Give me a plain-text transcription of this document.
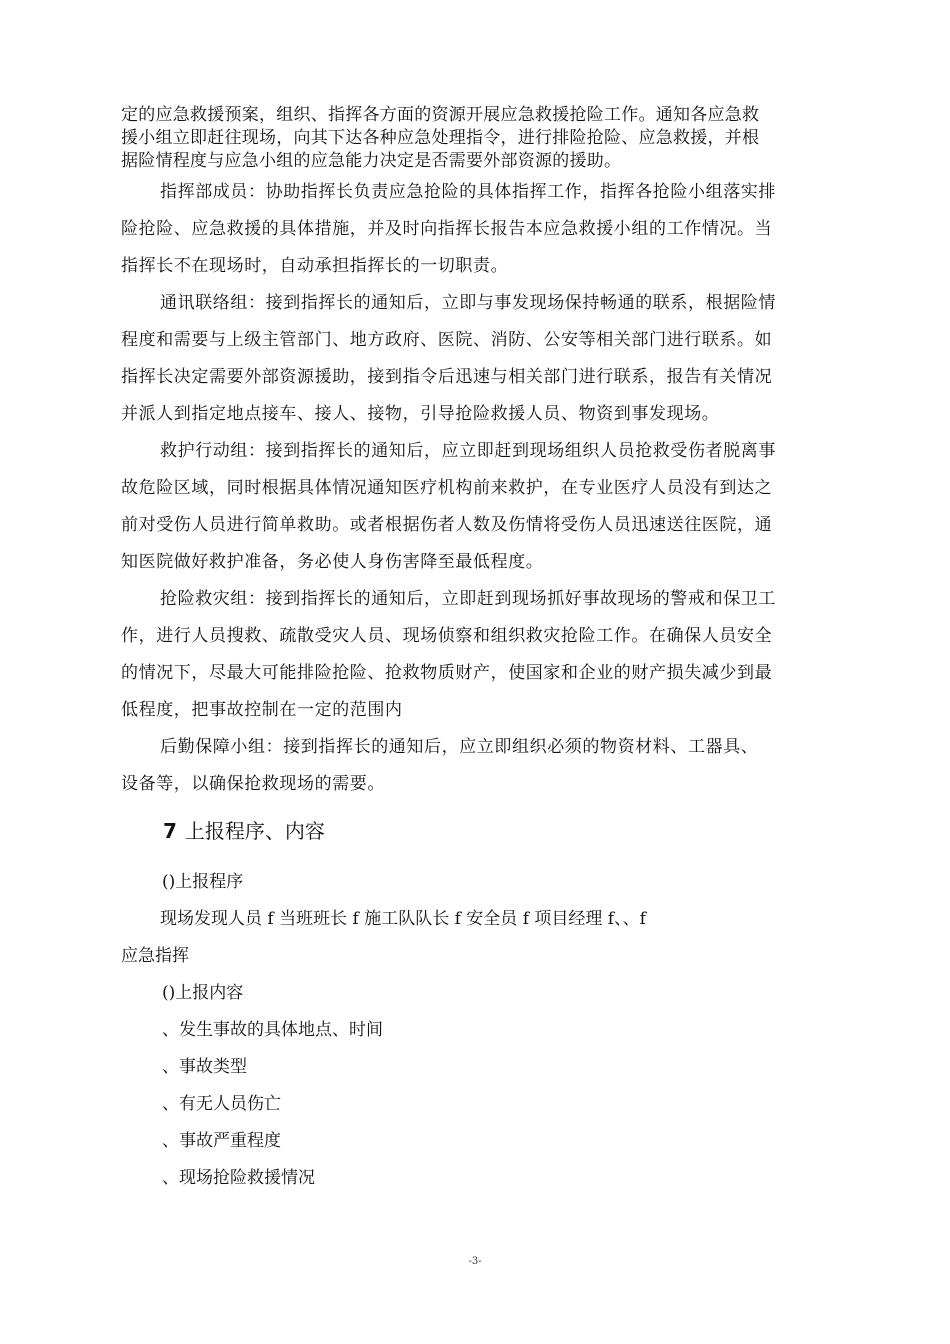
定的应急救援预案，组织、指挥各方面的资源开展应急救援抢险工作。通知各应急救
援小组立即赶往现场，向其下达各种应急处理指令，进行排险抢险、应急救援，并根
据险情程度与应急小组的应急能力决定是否需要外部资源的援助。
指挥部成员：协助指挥长负责应急抢险的具体指挥工作，指挥各抢险小组落实排
险抢险、应急救援的具体措施，并及时向指挥长报告本应急救援小组的工作情况。当
指挥长不在现场时，自动承担指挥长的一切职责。
通讯联络组：接到指挥长的通知后，立即与事发现场保持畅通的联系，根据险情
程度和需要与上级主管部门、地方政府、医院、消防、公安等相关部门进行联系。如
指挥长决定需要外部资源援助，接到指令后迅速与相关部门进行联系，报告有关情况
并派人到指定地点接车、接人、接物，引导抢险救援人员、物资到事发现场。
救护行动组：接到指挥长的通知后，应立即赶到现场组织人员抢救受伤者脱离事
故危险区域，同时根据具体情况通知医疗机构前来救护，在专业医疗人员没有到达之
前对受伤人员进行简单救助。或者根据伤者人数及伤情将受伤人员迅速送往医院，通
知医院做好救护准备，务必使人身伤害降至最低程度。
抢险救灾组：接到指挥长的通知后，立即赶到现场抓好事故现场的警戒和保卫工
作，进行人员搜救、疏散受灾人员、现场侦察和组织救灾抢险工作。在确保人员安全
的情况下，尽最大可能排险抢险、抢救物质财产，使国家和企业的财产损失减少到最
低程度，把事故控制在一定的范围内
后勤保障小组：接到指挥长的通知后，应立即组织必须的物资材料、工器具、
设备等，以确保抢救现场的需要。
7 上报程序、内容
()上报程序
现场发现人员 f 当班班长 f 施工队队长 f 安全员 f 项目经理 f、、f
应急指挥
()上报内容
、发生事故的具体地点、时间
、事故类型
、有无人员伤亡
、事故严重程度
、现场抢险救援情况
-3-
